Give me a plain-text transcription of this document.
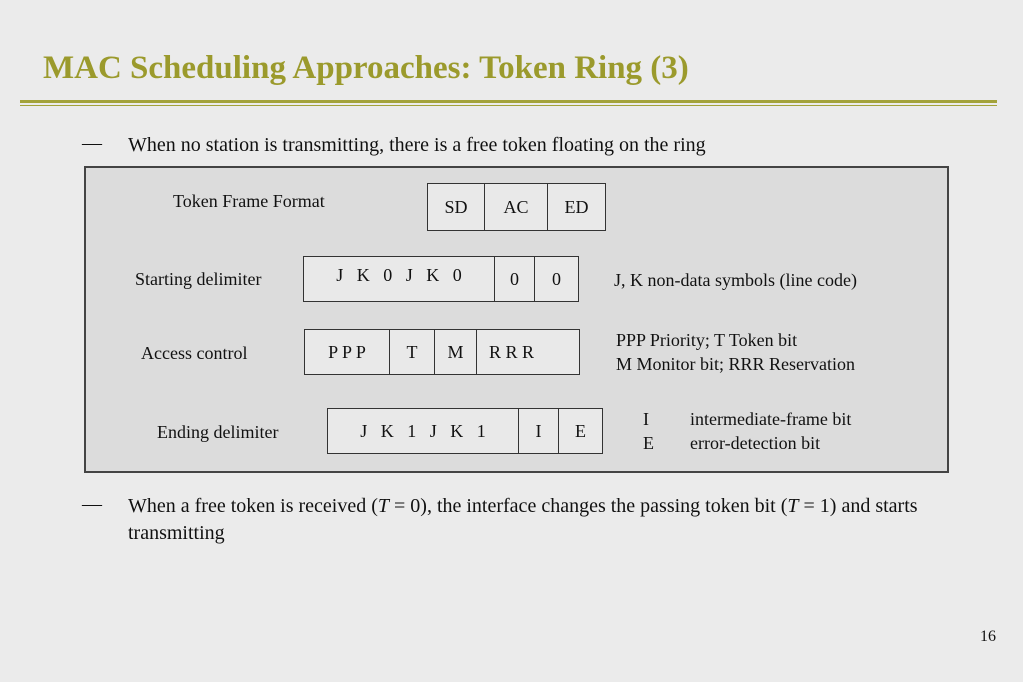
MAC Scheduling Approaches: Token Ring (3)
— When no station is transmitting, there is a free token floating on the ring
Token Frame Format	SD	AC	ED
Starting delimiter	J   K   0   J   K   0	0	0	J, K non-data symbols (line code)
Access control	P P P	T	M	R R R
PPP Priority; T Token bit
M Monitor bit; RRR Reservation
Ending delimiter	J   K   1   J   K   1	I	E
I intermediate-frame bit
E error-detection bit
— When a free token is received (T = 0), the interface changes the passing token bit (T = 1) and starts transmitting
16
